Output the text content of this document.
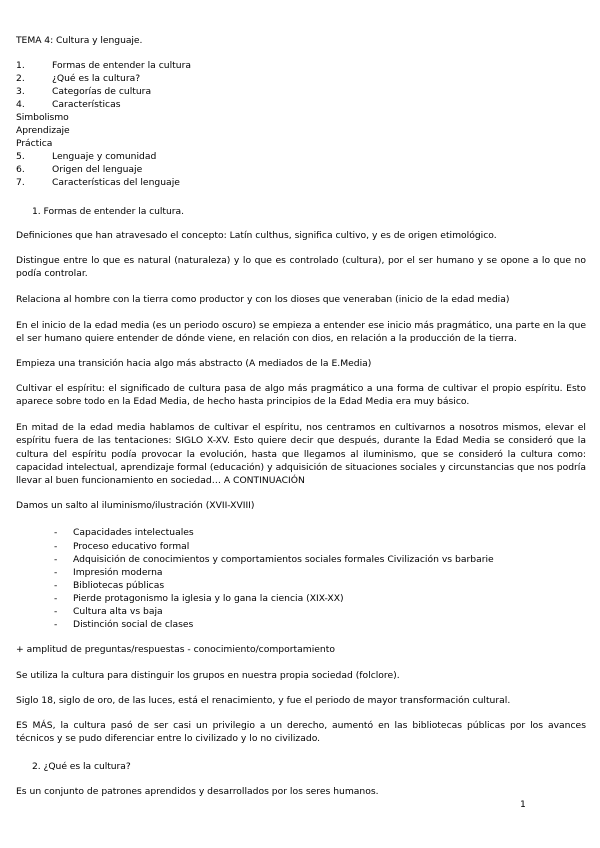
TEMA 4: Cultura y lenguaje.
1.	Formas de entender la cultura
2.	¿Qué es la cultura?
3.	Categorías de cultura
4.	Características
Simbolismo
Aprendizaje
Práctica
5.	Lenguaje y comunidad
6.	Origen del lenguaje
7.	Características del lenguaje
1. Formas de entender la cultura.
Definiciones que han atravesado el concepto: Latín culthus, significa cultivo, y es de origen etimológico.
Distingue entre lo que es natural (naturaleza) y lo que es controlado (cultura), por el ser humano y se opone a lo que no podía controlar.
Relaciona al hombre con la tierra como productor y con los dioses que veneraban (inicio de la edad media)
En el inicio de la edad media (es un periodo oscuro) se empieza a entender ese inicio más pragmático, una parte en la que el ser humano quiere entender de dónde viene, en relación con dios, en relación a la producción de la tierra.
Empieza una transición hacia algo más abstracto (A mediados de la E.Media)
Cultivar el espíritu: el significado de cultura pasa de algo más pragmático a una forma de cultivar el propio espíritu. Esto aparece sobre todo en la Edad Media, de hecho hasta principios de la Edad Media era muy básico.
En mitad de la edad media hablamos de cultivar el espíritu, nos centramos en cultivarnos a nosotros mismos, elevar el espíritu fuera de las tentaciones: SIGLO X-XV. Esto quiere decir que después, durante la Edad Media se consideró que la cultura del espíritu podía provocar la evolución, hasta que llegamos al iluminismo, que se consideró la cultura como: capacidad intelectual, aprendizaje formal (educación) y adquisición de situaciones sociales y circunstancias que nos podría llevar al buen funcionamiento en sociedad… A CONTINUACIÓN
Damos un salto al iluminismo/ilustración (XVII-XVIII)
- Capacidades intelectuales
- Proceso educativo formal
- Adquisición de conocimientos y comportamientos sociales formales Civilización vs barbarie
- Impresión moderna
- Bibliotecas públicas
- Pierde protagonismo la iglesia y lo gana la ciencia (XIX-XX)
- Cultura alta vs baja
- Distinción social de clases
+ amplitud de preguntas/respuestas - conocimiento/comportamiento
Se utiliza la cultura para distinguir los grupos en nuestra propia sociedad (folclore).
Siglo 18, siglo de oro, de las luces, está el renacimiento, y fue el periodo de mayor transformación cultural.
ES MÁS, la cultura pasó de ser casi un privilegio a un derecho, aumentó en las bibliotecas públicas por los avances técnicos y se pudo diferenciar entre lo civilizado y lo no civilizado.
2. ¿Qué es la cultura?
Es un conjunto de patrones aprendidos y desarrollados por los seres humanos.
1
